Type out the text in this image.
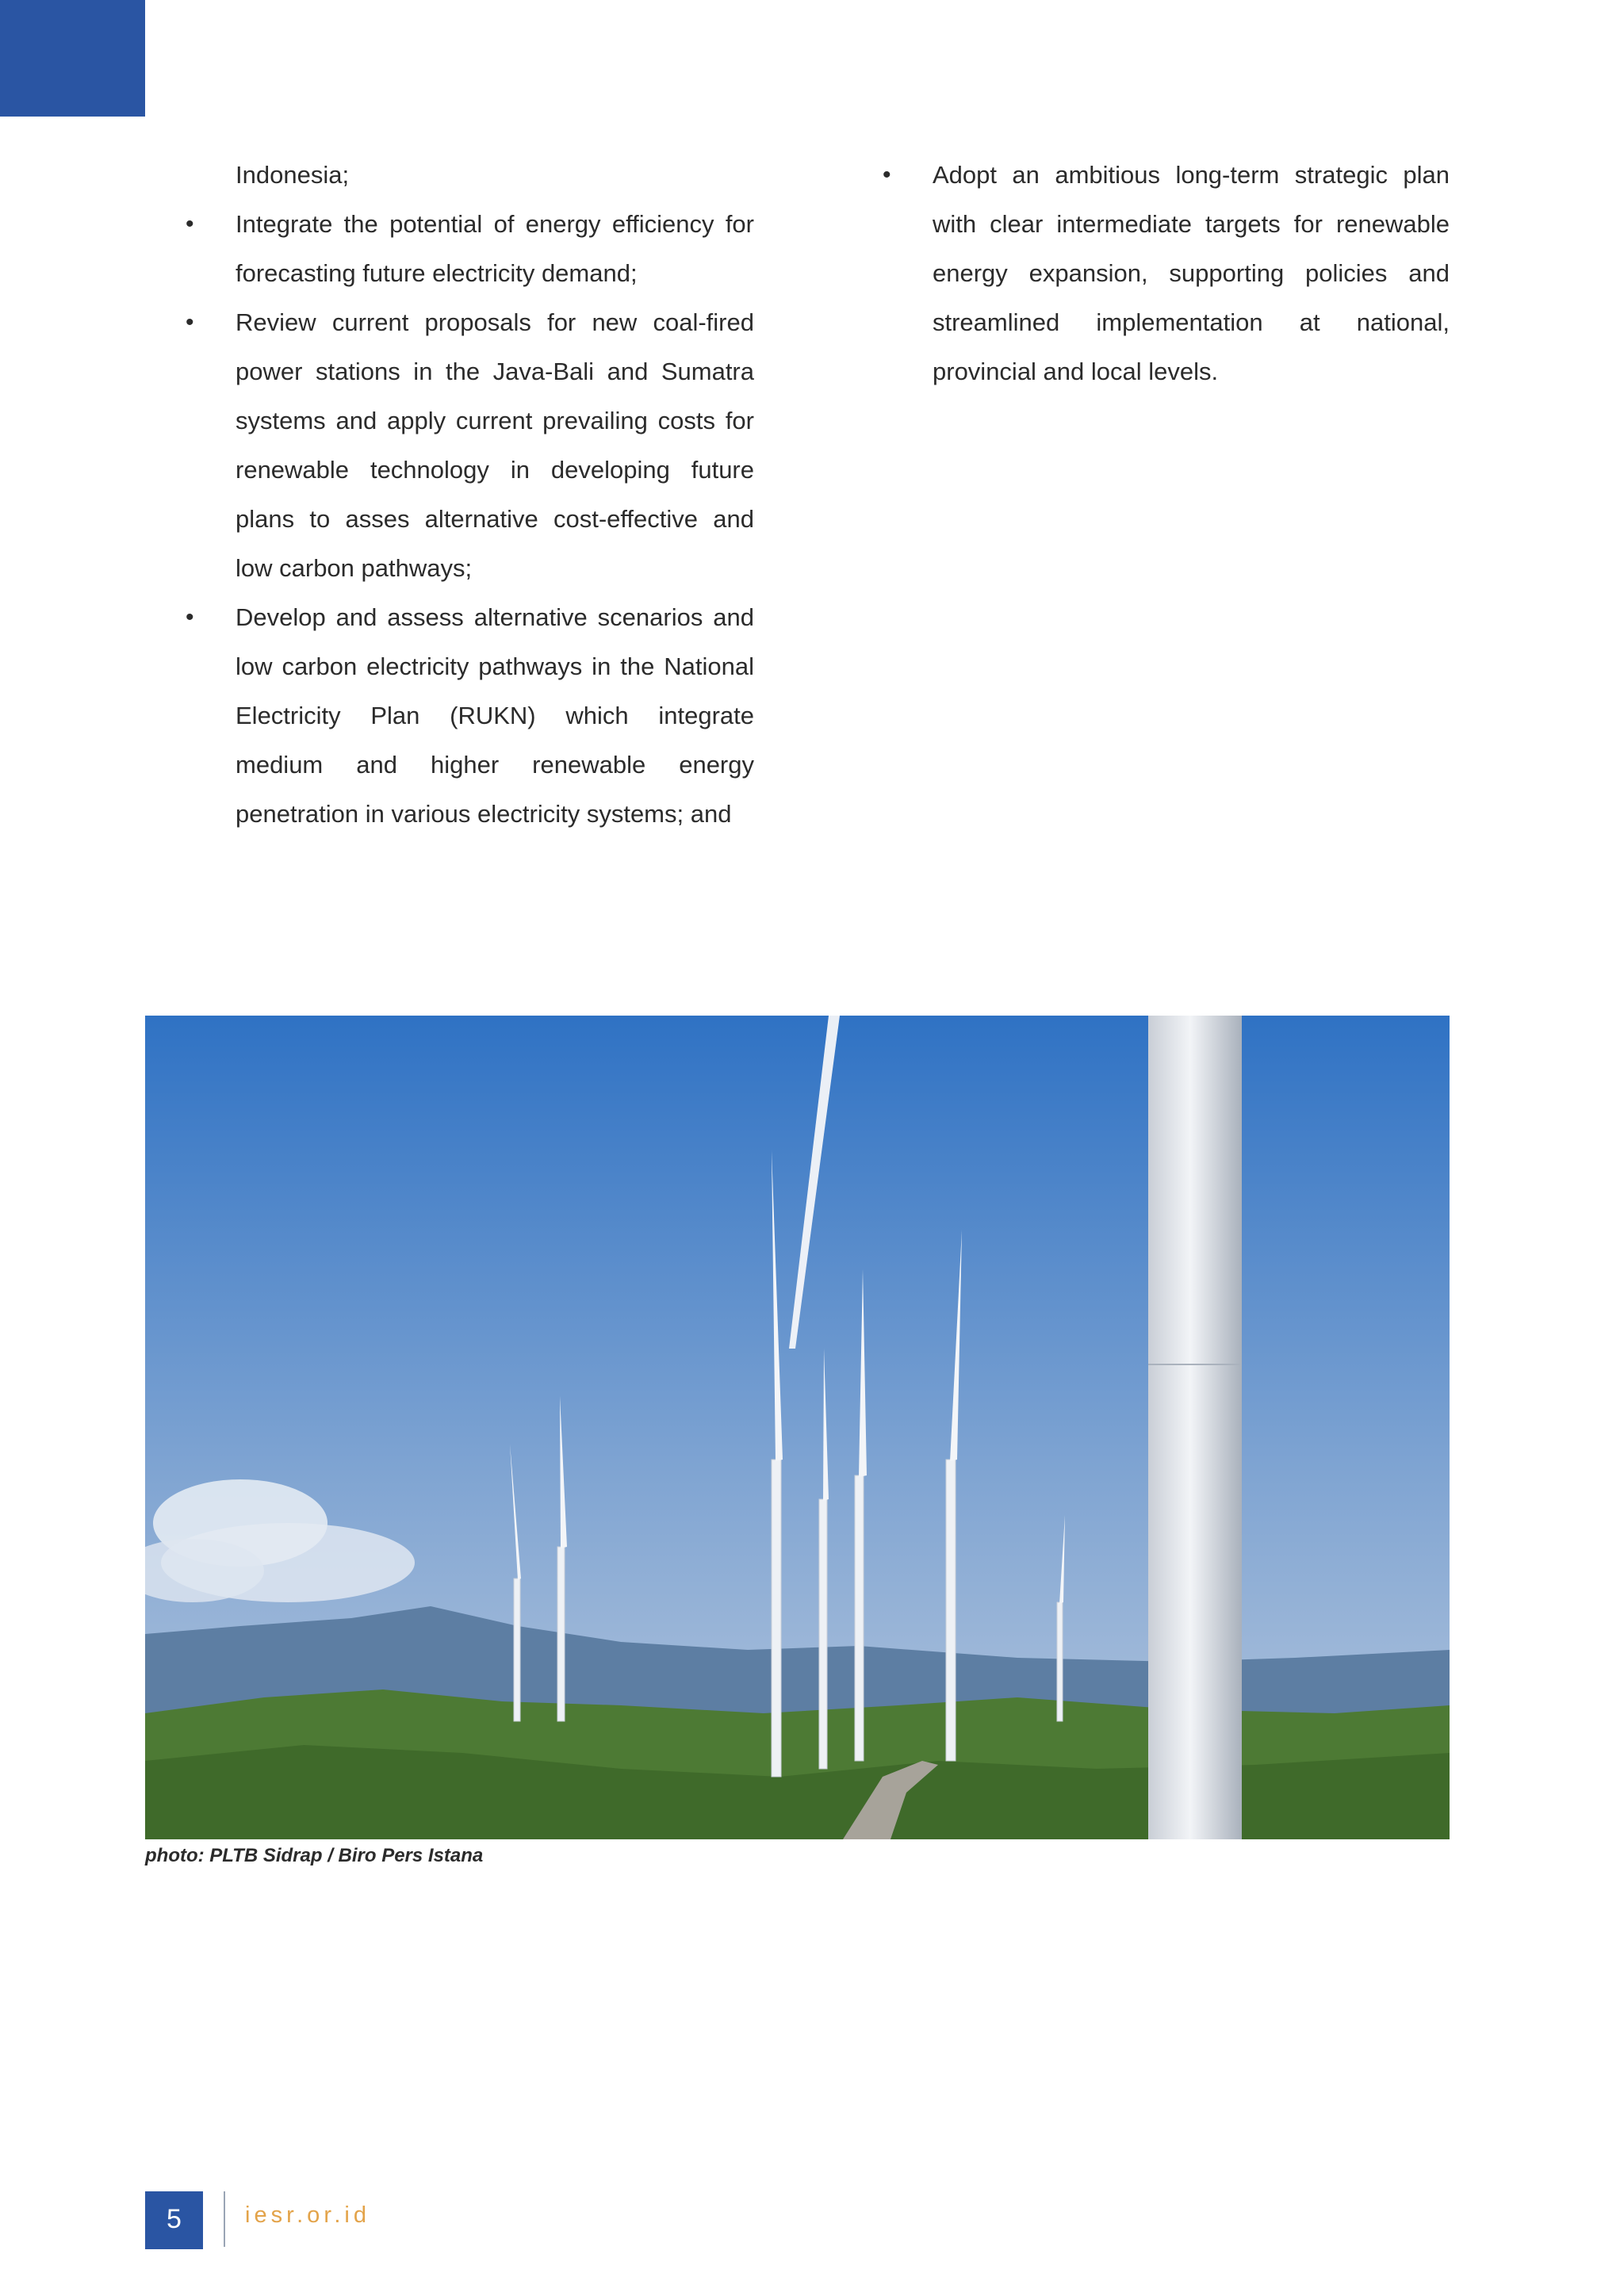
Indonesia;

• Integrate the potential of energy efficiency for forecasting future electricity demand;
• Review current proposals for new coal-fired power stations in the Java-Bali and Sumatra systems and apply current prevailing costs for renewable technology in developing future plans to asses alternative cost-effective and low carbon pathways;
• Develop and assess alternative scenarios and low carbon electricity pathways in the National Electricity Plan (RUKN) which integrate medium and higher renewable energy penetration in various electricity systems; and
• Adopt an ambitious long-term strategic plan with clear intermediate targets for renewable energy expansion, supporting policies and streamlined implementation at national, provincial and local levels.
photo: PLTB Sidrap / Biro Pers Istana
5	iesr.or.id
